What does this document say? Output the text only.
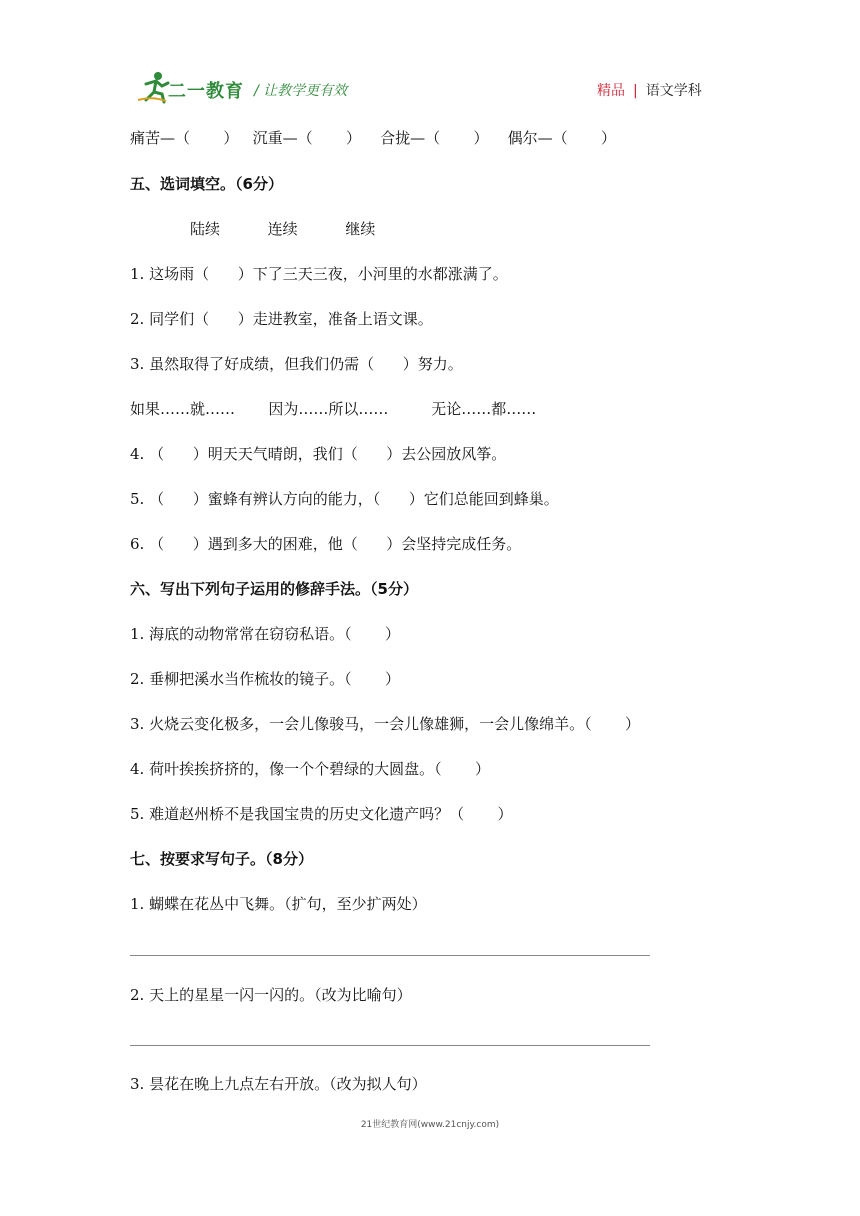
二一教育 / 让教学更有效	精品 | 语文学科
痛苦—（       ）   沉重—（       ）    合拢—（       ）    偶尔—（       ）
五、选词填空。（6分）
陆续          连续          继续
1. 这场雨（      ）下了三天三夜，小河里的水都涨满了。
2. 同学们（      ）走进教室，准备上语文课。
3. 虽然取得了好成绩，但我们仍需（      ）努力。
如果……就……       因为……所以……         无论……都……
4. （      ）明天天气晴朗，我们（      ）去公园放风筝。
5. （      ）蜜蜂有辨认方向的能力，（      ）它们总能回到蜂巢。
6. （      ）遇到多大的困难，他（      ）会坚持完成任务。
六、写出下列句子运用的修辞手法。（5分）
1. 海底的动物常常在窃窃私语。（       ）
2. 垂柳把溪水当作梳妆的镜子。（       ）
3. 火烧云变化极多，一会儿像骏马，一会儿像雄狮，一会儿像绵羊。（       ）
4. 荷叶挨挨挤挤的，像一个个碧绿的大圆盘。（       ）
5. 难道赵州桥不是我国宝贵的历史文化遗产吗？（       ）
七、按要求写句子。（8分）
1. 蝴蝶在花丛中飞舞。（扩句，至少扩两处）
2. 天上的星星一闪一闪的。（改为比喻句）
3. 昙花在晚上九点左右开放。（改为拟人句）
21世纪教育网(www.21cnjy.com)
